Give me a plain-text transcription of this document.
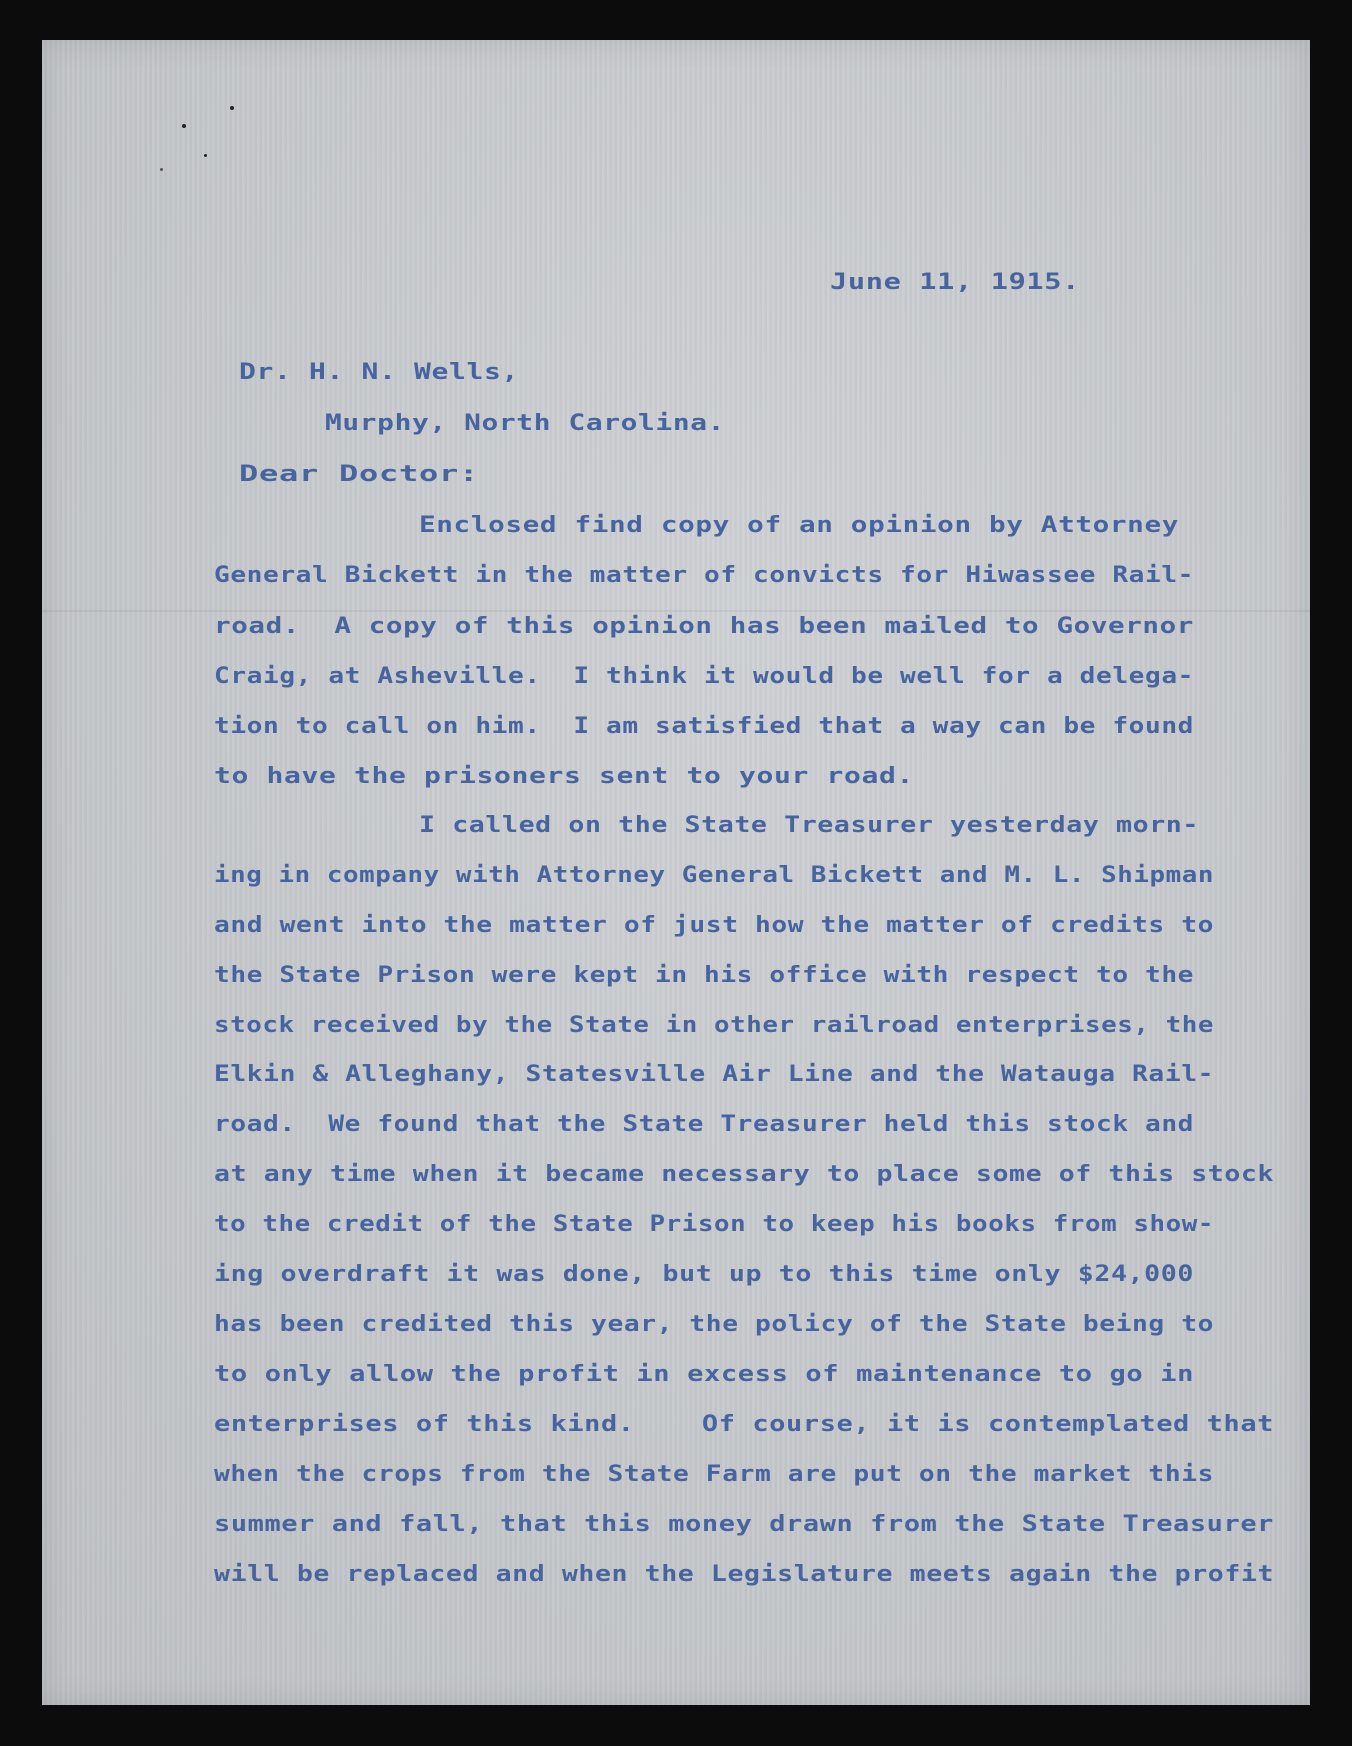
June 11, 1915.
Dr. H. N. Wells,
Murphy, North Carolina.
Dear Doctor:
Enclosed find copy of an opinion by Attorney
General Bickett in the matter of convicts for Hiwassee Rail-
road.  A copy of this opinion has been mailed to Governor
Craig, at Asheville.  I think it would be well for a delega-
tion to call on him.  I am satisfied that a way can be found
to have the prisoners sent to your road.
I called on the State Treasurer yesterday morn-
ing in company with Attorney General Bickett and M. L. Shipman
and went into the matter of just how the matter of credits to
the State Prison were kept in his office with respect to the
stock received by the State in other railroad enterprises, the
Elkin & Alleghany, Statesville Air Line and the Watauga Rail-
road.  We found that the State Treasurer held this stock and
at any time when it became necessary to place some of this stock
to the credit of the State Prison to keep his books from show-
ing overdraft it was done, but up to this time only $24,000
has been credited this year, the policy of the State being to
to only allow the profit in excess of maintenance to go in
enterprises of this kind.    Of course, it is contemplated that
when the crops from the State Farm are put on the market this
summer and fall, that this money drawn from the State Treasurer
will be replaced and when the Legislature meets again the profit
